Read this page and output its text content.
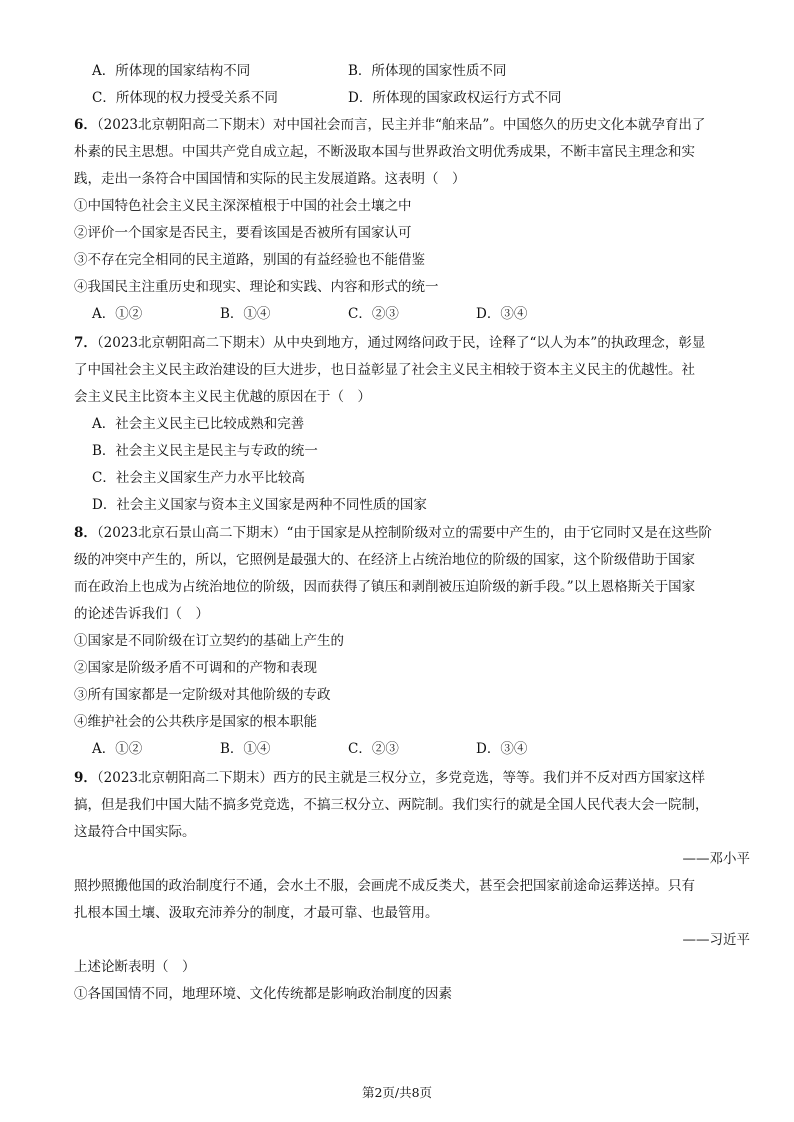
A．所体现的国家结构不同	B．所体现的国家性质不同
C．所体现的权力授受关系不同	D．所体现的国家政权运行方式不同
6．（2023北京朝阳高二下期末）对中国社会而言，民主并非“舶来品”。中国悠久的历史文化本就孕育出了
朴素的民主思想。中国共产党自成立起，不断汲取本国与世界政治文明优秀成果，不断丰富民主理念和实
践，走出一条符合中国国情和实际的民主发展道路。这表明（　）
①中国特色社会主义民主深深植根于中国的社会土壤之中
②评价一个国家是否民主，要看该国是否被所有国家认可
③不存在完全相同的民主道路，别国的有益经验也不能借鉴
④我国民主注重历史和现实、理论和实践、内容和形式的统一
A．①②	B．①④	C．②③	D．③④
7．（2023北京朝阳高二下期末）从中央到地方，通过网络问政于民，诠释了“以人为本”的执政理念，彰显
了中国社会主义民主政治建设的巨大进步，也日益彰显了社会主义民主相较于资本主义民主的优越性。社
会主义民主比资本主义民主优越的原因在于（　）
A．社会主义民主已比较成熟和完善
B．社会主义民主是民主与专政的统一
C．社会主义国家生产力水平比较高
D．社会主义国家与资本主义国家是两种不同性质的国家
8．（2023北京石景山高二下期末）“由于国家是从控制阶级对立的需要中产生的，由于它同时又是在这些阶
级的冲突中产生的，所以，它照例是最强大的、在经济上占统治地位的阶级的国家，这个阶级借助于国家
而在政治上也成为占统治地位的阶级，因而获得了镇压和剥削被压迫阶级的新手段。”以上恩格斯关于国家
的论述告诉我们（　）
①国家是不同阶级在订立契约的基础上产生的
②国家是阶级矛盾不可调和的产物和表现
③所有国家都是一定阶级对其他阶级的专政
④维护社会的公共秩序是国家的根本职能
A．①②	B．①④	C．②③	D．③④
9．（2023北京朝阳高二下期末）西方的民主就是三权分立，多党竞选，等等。我们并不反对西方国家这样
搞，但是我们中国大陆不搞多党竞选，不搞三权分立、两院制。我们实行的就是全国人民代表大会一院制，
这最符合中国实际。
——邓小平
照抄照搬他国的政治制度行不通，会水土不服，会画虎不成反类犬，甚至会把国家前途命运葬送掉。只有
扎根本国土壤、汲取充沛养分的制度，才最可靠、也最管用。
——习近平
上述论断表明（　）
①各国国情不同，地理环境、文化传统都是影响政治制度的因素
第2页/共8页
